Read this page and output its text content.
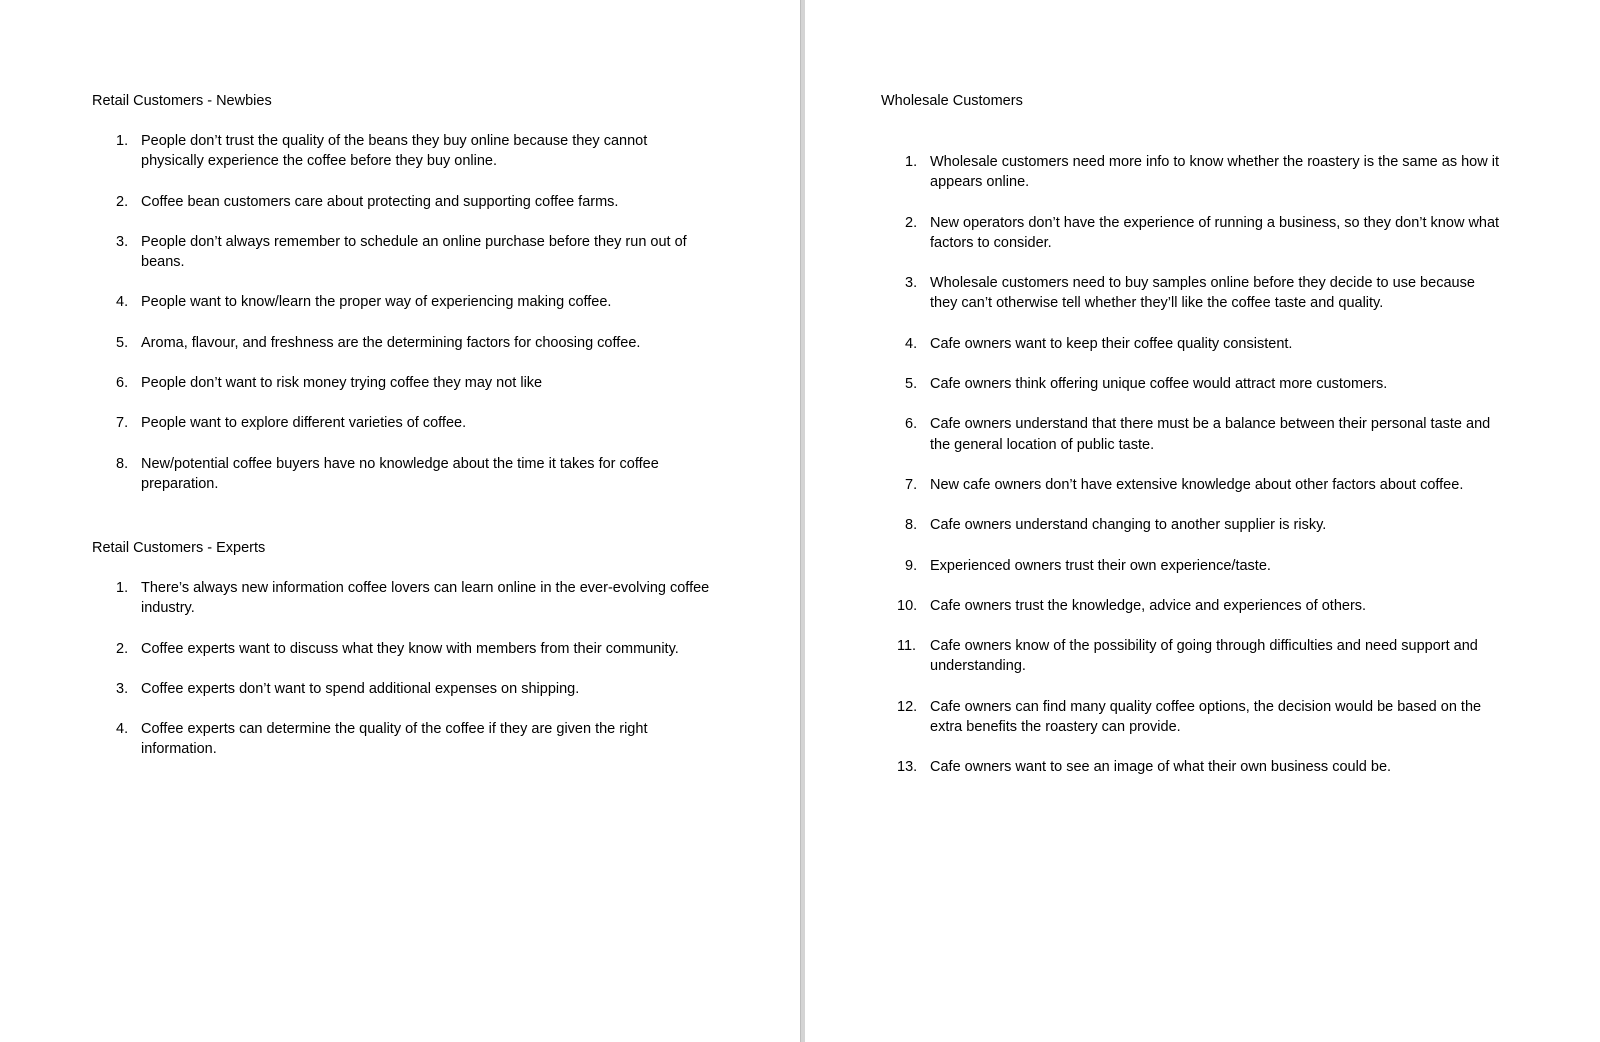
Retail Customers - Newbies

1. People don’t trust the quality of the beans they buy online because they cannot physically experience the coffee before they buy online.
2. Coffee bean customers care about protecting and supporting coffee farms.
3. People don’t always remember to schedule an online purchase before they run out of beans.
4. People want to know/learn the proper way of experiencing making coffee.
5. Aroma, flavour, and freshness are the determining factors for choosing coffee.
6. People don’t want to risk money trying coffee they may not like
7. People want to explore different varieties of coffee.
8. New/potential coffee buyers have no knowledge about the time it takes for coffee preparation.

Retail Customers - Experts

1. There’s always new information coffee lovers can learn online in the ever-evolving coffee industry.
2. Coffee experts want to discuss what they know with members from their community.
3. Coffee experts don’t want to spend additional expenses on shipping.
4. Coffee experts can determine the quality of the coffee if they are given the right information.

Wholesale Customers

1. Wholesale customers need more info to know whether the roastery is the same as how it appears online.
2. New operators don’t have the experience of running a business, so they don’t know what factors to consider.
3. Wholesale customers need to buy samples online before they decide to use because they can’t otherwise tell whether they’ll like the coffee taste and quality.
4. Cafe owners want to keep their coffee quality consistent.
5. Cafe owners think offering unique coffee would attract more customers.
6. Cafe owners understand that there must be a balance between their personal taste and the general location of public taste.
7. New cafe owners don’t have extensive knowledge about other factors about coffee.
8. Cafe owners understand changing to another supplier is risky.
9. Experienced owners trust their own experience/taste.
10. Cafe owners trust the knowledge, advice and experiences of others.
11. Cafe owners know of the possibility of going through difficulties and need support and understanding.
12. Cafe owners can find many quality coffee options, the decision would be based on the extra benefits the roastery can provide.
13. Cafe owners want to see an image of what their own business could be.
